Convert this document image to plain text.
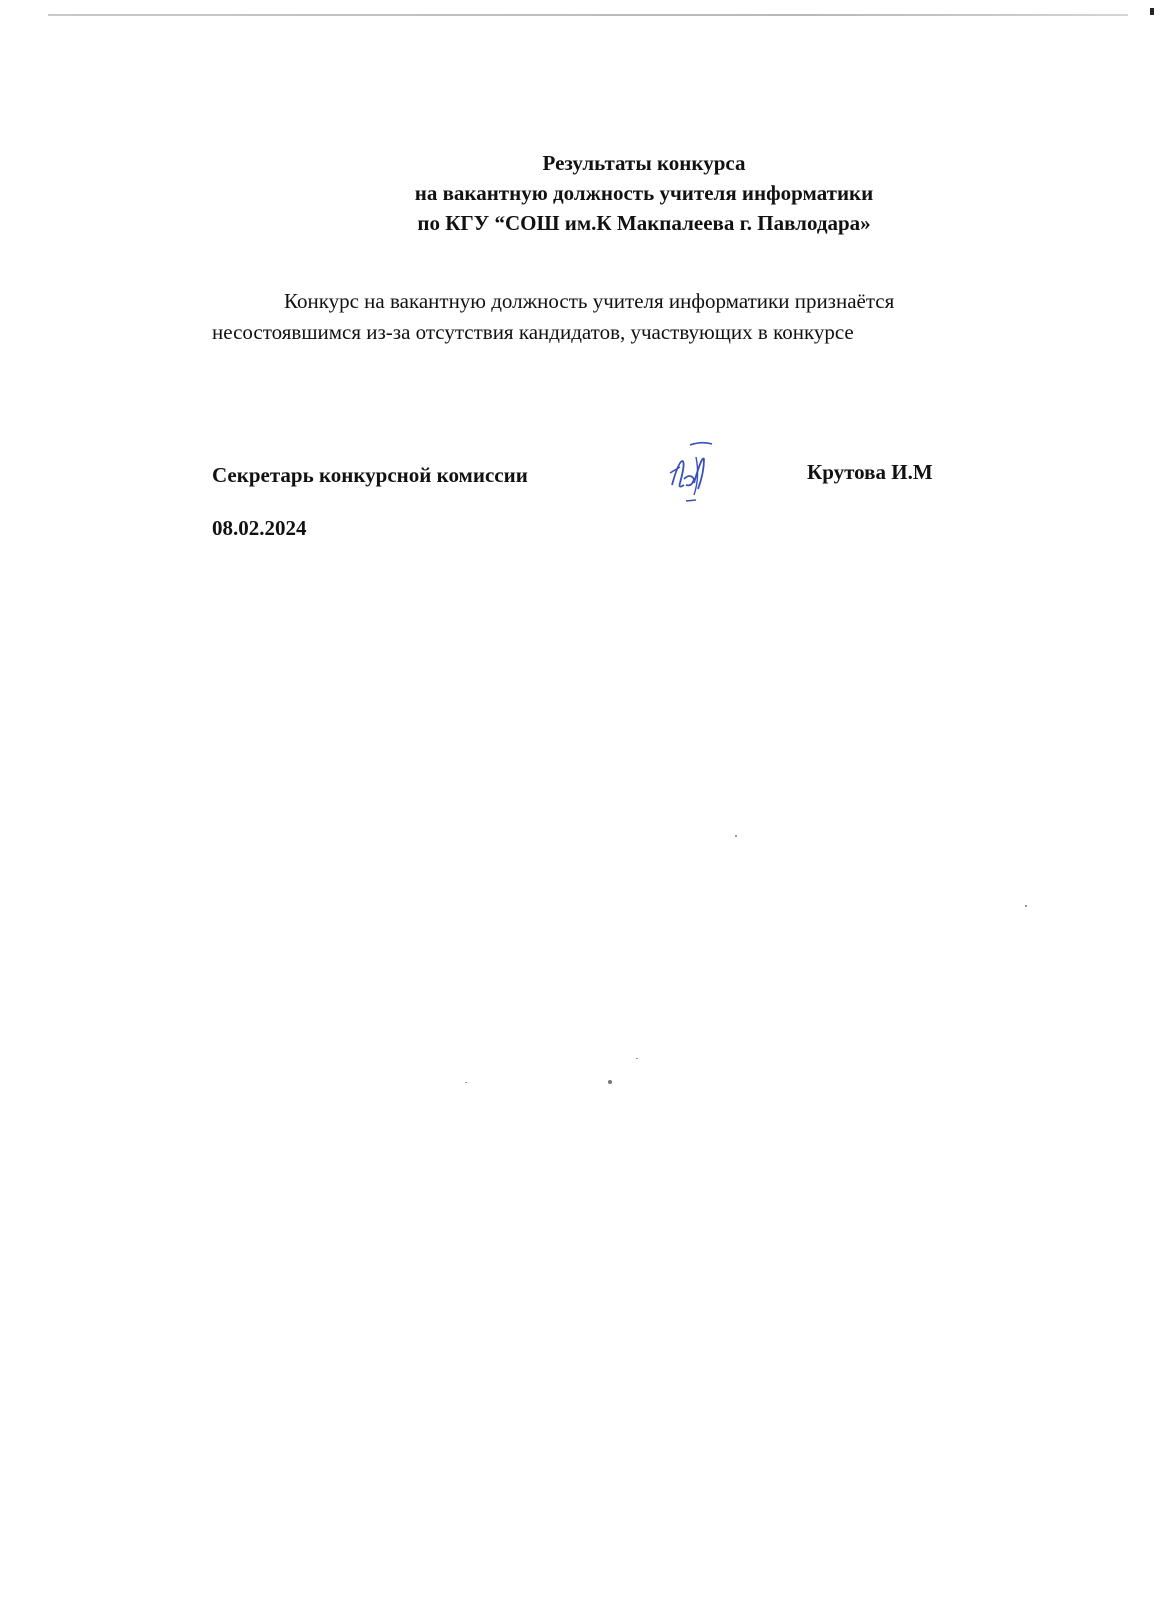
Результаты конкурса
на вакантную должность учителя информатики
по КГУ “СОШ им.К Макпалеева г. Павлодара»
Конкурс на вакантную должность учителя информатики признаётся
несостоявшимся из-за отсутствия кандидатов, участвующих в конкурсе
Секретарь конкурсной комиссии	Крутова И.М
08.02.2024
